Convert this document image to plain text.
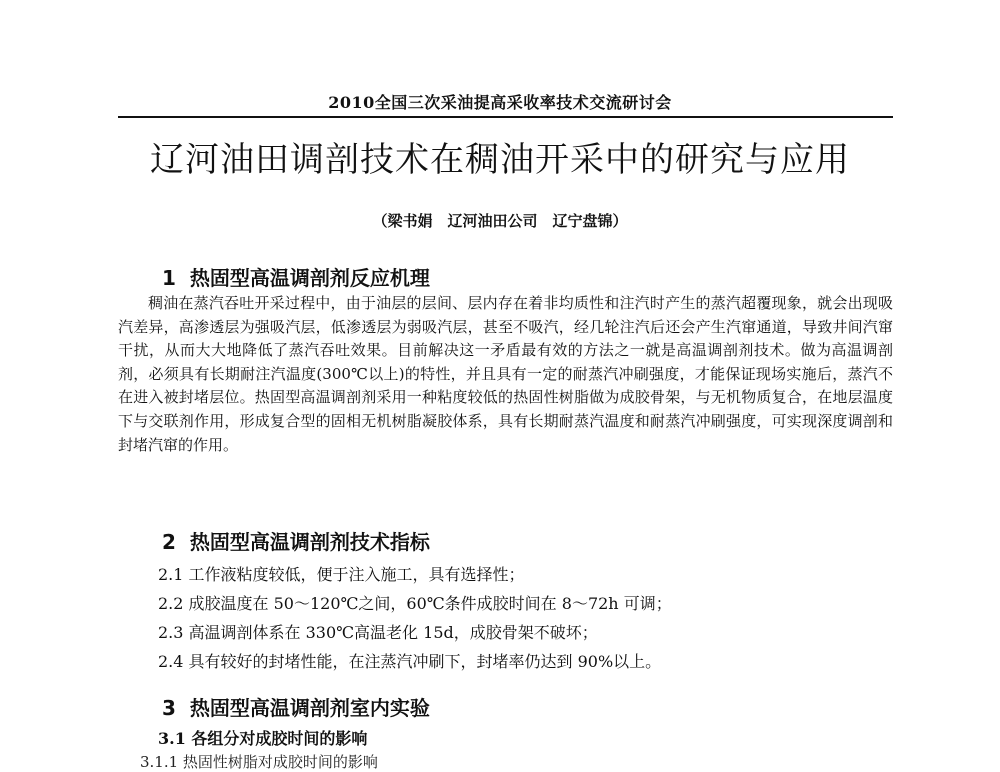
2010全国三次采油提高采收率技术交流研讨会
辽河油田调剖技术在稠油开采中的研究与应用
（梁书娟　辽河油田公司　辽宁盘锦）
1 热固型高温调剖剂反应机理

稠油在蒸汽吞吐开采过程中，由于油层的层间、层内存在着非均质性和注汽时产生的蒸汽超覆现象，就会出现吸汽差异，高渗透层为强吸汽层，低渗透层为弱吸汽层，甚至不吸汽，经几轮注汽后还会产生汽窜通道，导致井间汽窜干扰，从而大大地降低了蒸汽吞吐效果。目前解决这一矛盾最有效的方法之一就是高温调剖剂技术。做为高温调剖剂，必须具有长期耐注汽温度(300℃以上)的特性，并且具有一定的耐蒸汽冲刷强度，才能保证现场实施后，蒸汽不在进入被封堵层位。热固型高温调剖剂采用一种粘度较低的热固性树脂做为成胶骨架，与无机物质复合，在地层温度下与交联剂作用，形成复合型的固相无机树脂凝胶体系，具有长期耐蒸汽温度和耐蒸汽冲刷强度，可实现深度调剖和封堵汽窜的作用。

2 热固型高温调剖剂技术指标
2.1 工作液粘度较低，便于注入施工，具有选择性；
2.2 成胶温度在 50～120℃之间，60℃条件成胶时间在 8～72h 可调；
2.3 高温调剖体系在 330℃高温老化 15d，成胶骨架不破坏；
2.4 具有较好的封堵性能，在注蒸汽冲刷下，封堵率仍达到 90%以上。
3 热固型高温调剖剂室内实验
3.1 各组分对成胶时间的影响
3.1.1 热固性树脂对成胶时间的影响
